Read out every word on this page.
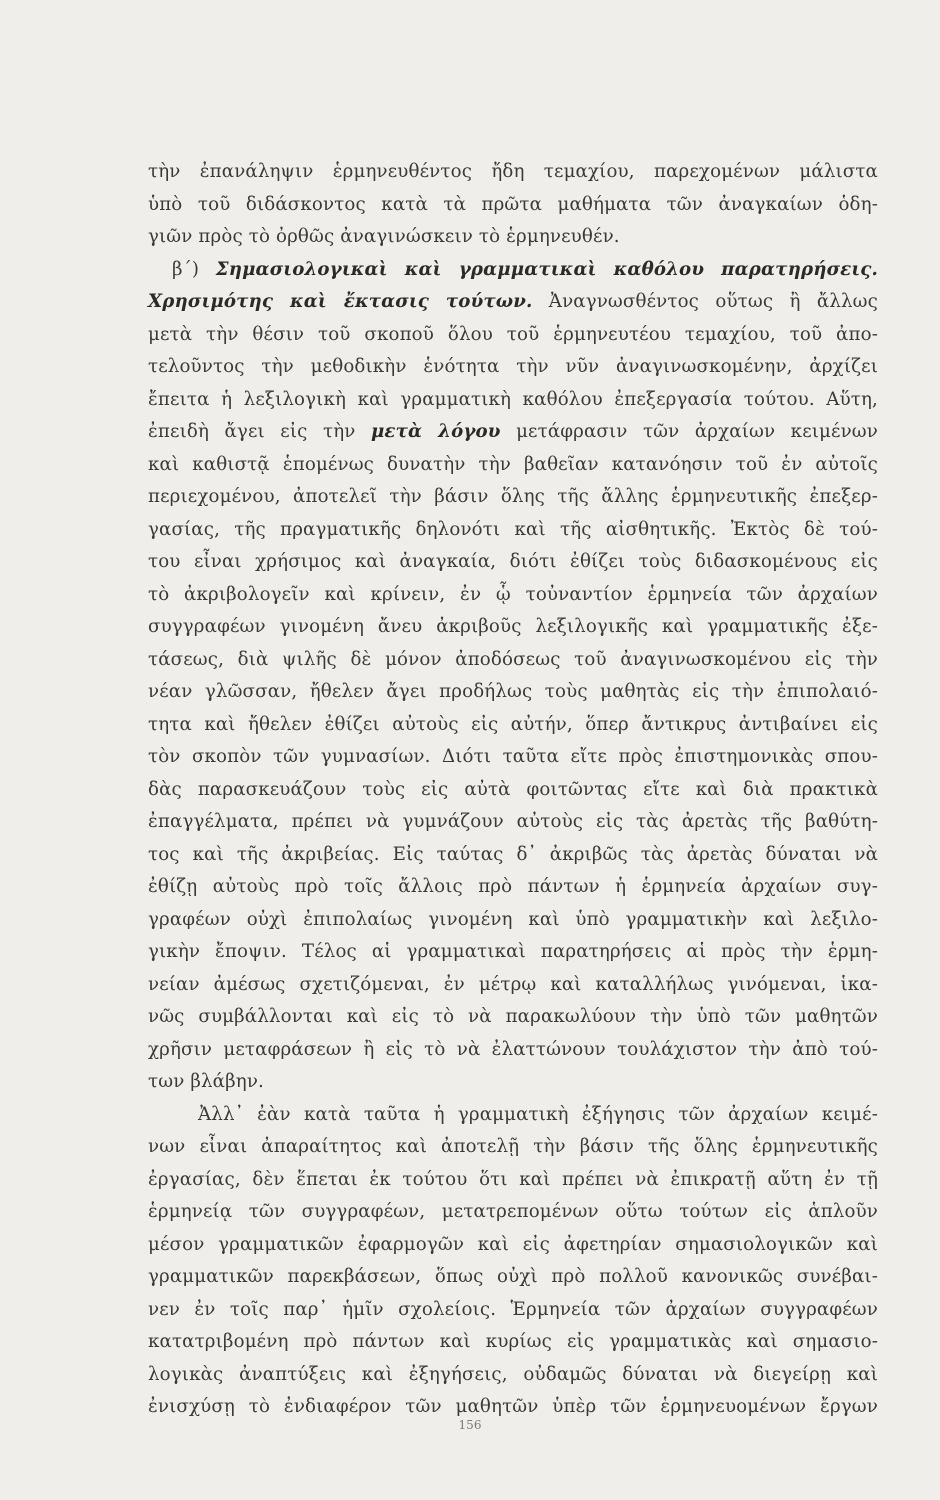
τὴν ἐπανάληψιν ἑρμηνευθέντος ἤδη τεμαχίου, παρεχομένων μάλιστα
ὑπὸ τοῦ διδάσκοντος κατὰ τὰ πρῶτα μαθήματα τῶν ἀναγκαίων ὁδη-
γιῶν πρὸς τὸ ὀρθῶς ἀναγινώσκειν τὸ ἑρμηνευθέν.
β΄) Σημασιολογικαὶ καὶ γραμματικαὶ καθόλου παρατηρήσεις.
Χρησιμότης καὶ ἔκτασις τούτων. Ἀναγνωσθέντος οὕτως ἢ ἄλλως
μετὰ τὴν θέσιν τοῦ σκοποῦ ὅλου τοῦ ἑρμηνευτέου τεμαχίου, τοῦ ἀπο-
τελοῦντος τὴν μεθοδικὴν ἑνότητα τὴν νῦν ἀναγινωσκομένην, ἀρχίζει
ἔπειτα ἡ λεξιλογικὴ καὶ γραμματικὴ καθόλου ἐπεξεργασία τούτου. Αὕτη,
ἐπειδὴ ἄγει εἰς τὴν μετὰ λόγου μετάφρασιν τῶν ἀρχαίων κειμένων
καὶ καθιστᾷ ἑπομένως δυνατὴν τὴν βαθεῖαν κατανόησιν τοῦ ἐν αὐτοῖς
περιεχομένου, ἀποτελεῖ τὴν βάσιν ὅλης τῆς ἄλλης ἑρμηνευτικῆς ἐπεξερ-
γασίας, τῆς πραγματικῆς δηλονότι καὶ τῆς αἰσθητικῆς. Ἐκτὸς δὲ τού-
του εἶναι χρήσιμος καὶ ἀναγκαία, διότι ἐθίζει τοὺς διδασκομένους εἰς
τὸ ἀκριβολογεῖν καὶ κρίνειν, ἐν ᾧ τοὐναντίον ἑρμηνεία τῶν ἀρχαίων
συγγραφέων γινομένη ἄνευ ἀκριβοῦς λεξιλογικῆς καὶ γραμματικῆς ἐξε-
τάσεως, διὰ ψιλῆς δὲ μόνον ἀποδόσεως τοῦ ἀναγινωσκομένου εἰς τὴν
νέαν γλῶσσαν, ἤθελεν ἄγει προδήλως τοὺς μαθητὰς εἰς τὴν ἐπιπολαιό-
τητα καὶ ἤθελεν ἐθίζει αὐτοὺς εἰς αὐτήν, ὅπερ ἄντικρυς ἀντιβαίνει εἰς
τὸν σκοπὸν τῶν γυμνασίων. Διότι ταῦτα εἴτε πρὸς ἐπιστημονικὰς σπου-
δὰς παρασκευάζουν τοὺς εἰς αὐτὰ φοιτῶντας εἴτε καὶ διὰ πρακτικὰ
ἐπαγγέλματα, πρέπει νὰ γυμνάζουν αὐτοὺς εἰς τὰς ἀρετὰς τῆς βαθύτη-
τος καὶ τῆς ἀκριβείας. Εἰς ταύτας δ᾽ ἀκριβῶς τὰς ἀρετὰς δύναται νὰ
ἐθίζῃ αὐτοὺς πρὸ τοῖς ἄλλοις πρὸ πάντων ἡ ἑρμηνεία ἀρχαίων συγ-
γραφέων οὐχὶ ἐπιπολαίως γινομένη καὶ ὑπὸ γραμματικὴν καὶ λεξιλο-
γικὴν ἔποψιν. Τέλος αἱ γραμματικαὶ παρατηρήσεις αἱ πρὸς τὴν ἑρμη-
νείαν ἀμέσως σχετιζόμεναι, ἐν μέτρῳ καὶ καταλλήλως γινόμεναι, ἱκα-
νῶς συμβάλλονται καὶ εἰς τὸ νὰ παρακωλύουν τὴν ὑπὸ τῶν μαθητῶν
χρῆσιν μεταφράσεων ἢ εἰς τὸ νὰ ἐλαττώνουν τουλάχιστον τὴν ἀπὸ τού-
των βλάβην.
Ἀλλ᾽ ἐὰν κατὰ ταῦτα ἡ γραμματικὴ ἐξήγησις τῶν ἀρχαίων κειμέ-
νων εἶναι ἀπαραίτητος καὶ ἀποτελῇ τὴν βάσιν τῆς ὅλης ἑρμηνευτικῆς
ἐργασίας, δὲν ἕπεται ἐκ τούτου ὅτι καὶ πρέπει νὰ ἐπικρατῇ αὕτη ἐν τῇ
ἑρμηνείᾳ τῶν συγγραφέων, μετατρεπομένων οὕτω τούτων εἰς ἁπλοῦν
μέσον γραμματικῶν ἐφαρμογῶν καὶ εἰς ἀφετηρίαν σημασιολογικῶν καὶ
γραμματικῶν παρεκβάσεων, ὅπως οὐχὶ πρὸ πολλοῦ κανονικῶς συνέβαι-
νεν ἐν τοῖς παρ᾽ ἡμῖν σχολείοις. Ἑρμηνεία τῶν ἀρχαίων συγγραφέων
κατατριβομένη πρὸ πάντων καὶ κυρίως εἰς γραμματικὰς καὶ σημασιο-
λογικὰς ἀναπτύξεις καὶ ἐξηγήσεις, οὐδαμῶς δύναται νὰ διεγείρῃ καὶ
ἐνισχύσῃ τὸ ἐνδιαφέρον τῶν μαθητῶν ὑπὲρ τῶν ἑρμηνευομένων ἔργων
156
